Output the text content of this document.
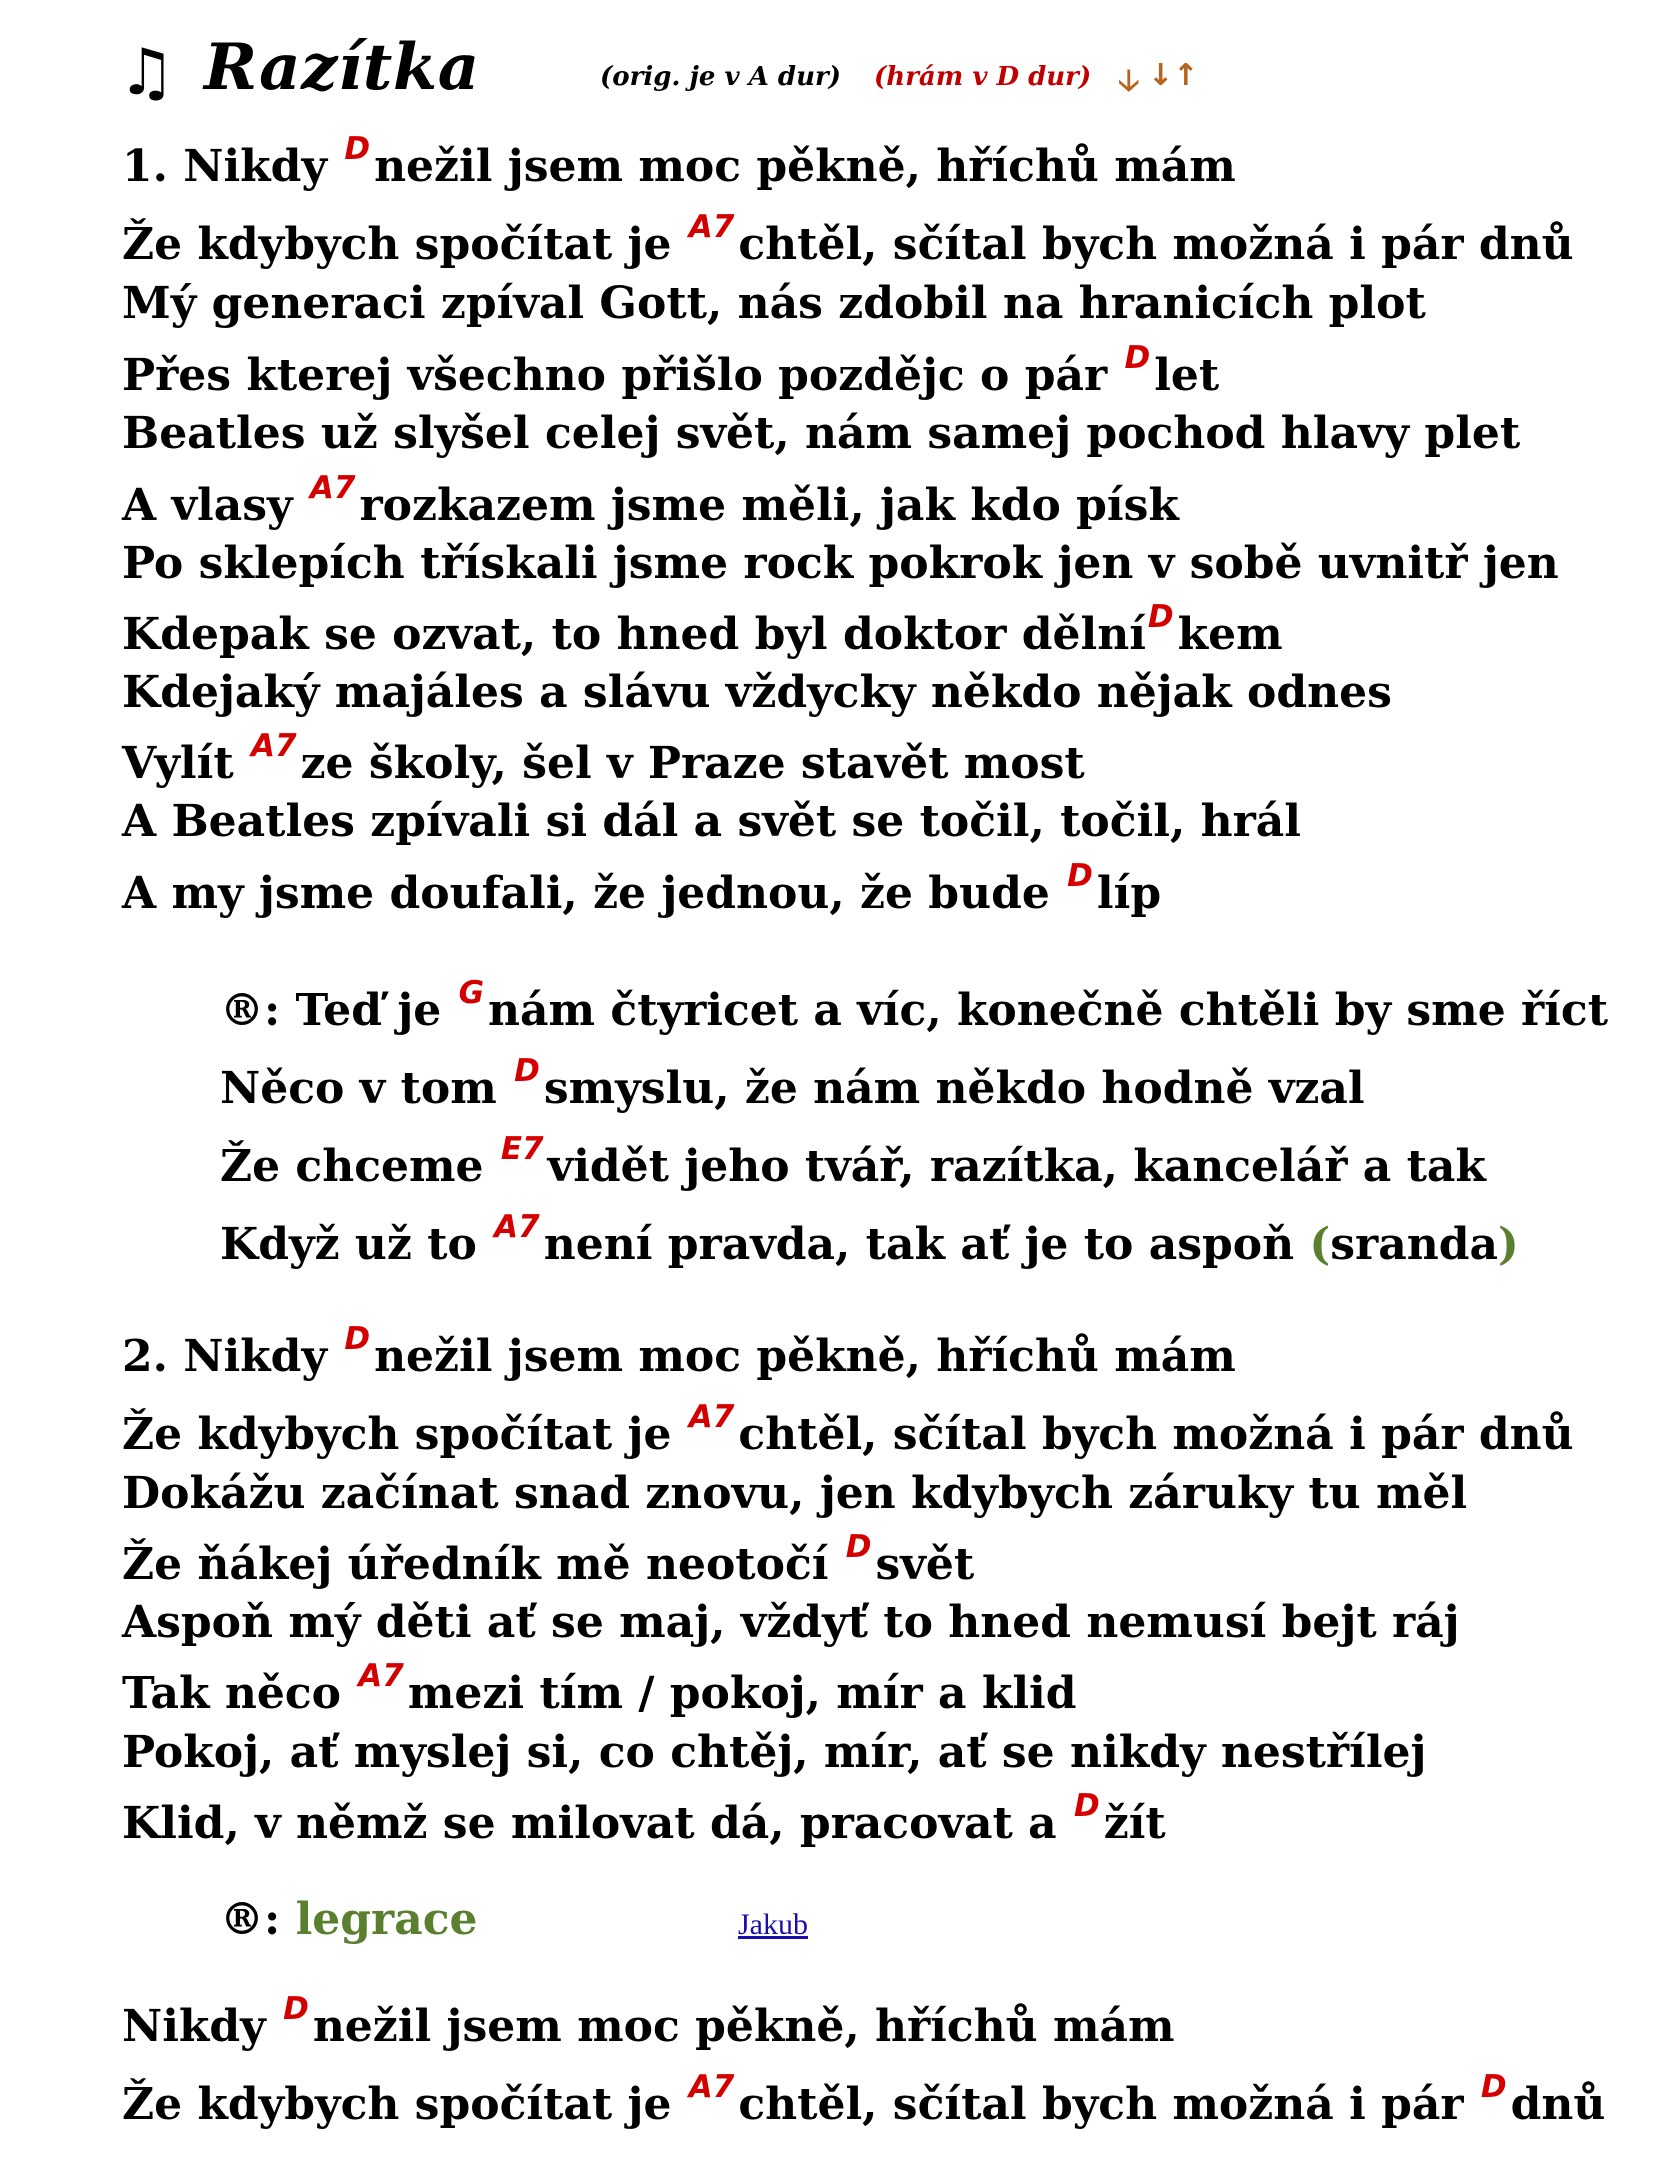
♫ Razítka	(orig. je v A dur) (hrám v D dur) 🡣 ↓↑
1. Nikdy $^D$nežil jsem moc pěkně, hříchů mám
Že kdybych spočítat je $^{A7}$chtěl, sčítal bych možná i pár dnů
Mý generaci zpíval Gott, nás zdobil na hranicích plot
Přes kterej všechno přišlo pozdějc o pár $^D$let
Beatles už slyšel celej svět, nám samej pochod hlavy plet
A vlasy $^{A7}$rozkazem jsme měli, jak kdo písk
Po sklepích třískali jsme rock pokrok jen v sobě uvnitř jen
Kdepak se ozvat, to hned byl doktor dělní$^D$kem
Kdejaký majáles a slávu vždycky někdo nějak odnes
Vylít $^{A7}$ze školy, šel v Praze stavět most
A Beatles zpívali si dál a svět se točil, točil, hrál
A my jsme doufali, že jednou, že bude $^D$líp
®: Teď je $^G$nám čtyricet a víc, konečně chtěli by sme říct
Něco v tom $^D$smyslu, že nám někdo hodně vzal
Že chceme $^{E7}$vidět jeho tvář, razítka, kancelář a tak
Když už to $^{A7}$není pravda, tak ať je to aspoň (sranda)
2. Nikdy $^D$nežil jsem moc pěkně, hříchů mám
Že kdybych spočítat je $^{A7}$chtěl, sčítal bych možná i pár dnů
Dokážu začínat snad znovu, jen kdybych záruky tu měl
Že ňákej úředník mě neotočí $^D$svět
Aspoň mý děti ať se maj, vždyť to hned nemusí bejt ráj
Tak něco $^{A7}$mezi tím / pokoj, mír a klid
Pokoj, ať myslej si, co chtěj, mír, ať se nikdy nestřílej
Klid, v němž se milovat dá, pracovat a $^D$žít
®: legrace	Jakub
Nikdy $^D$nežil jsem moc pěkně, hříchů mám
Že kdybych spočítat je $^{A7}$chtěl, sčítal bych možná i pár $^D$dnů
